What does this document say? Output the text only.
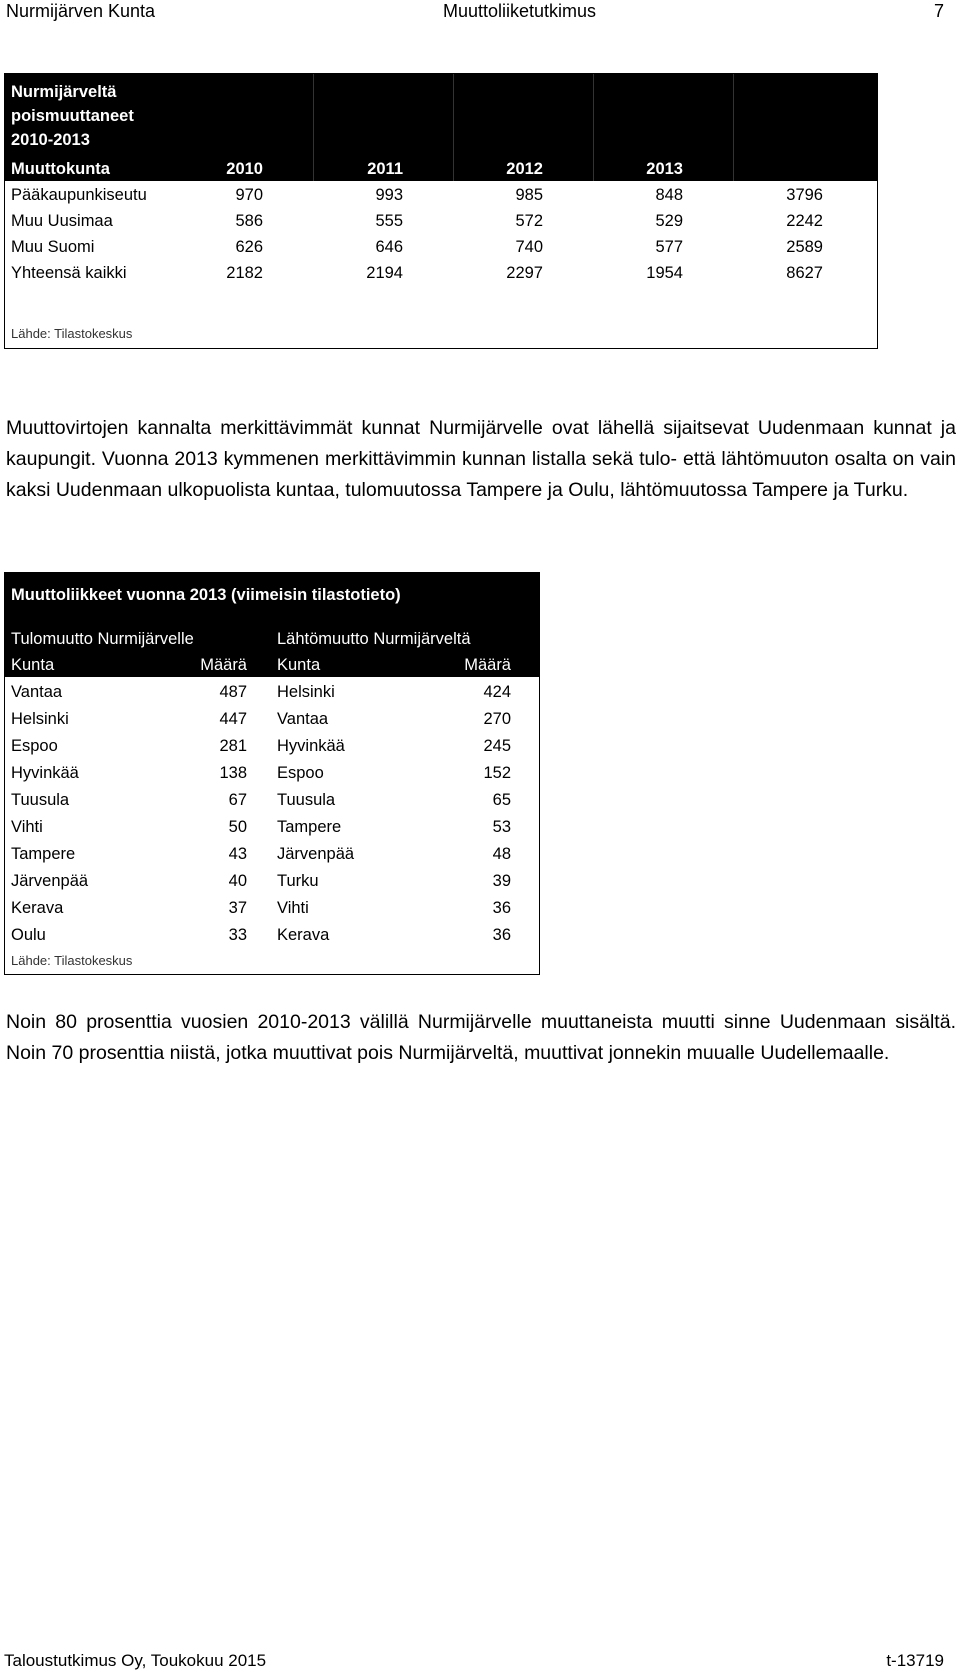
Nurmijärven Kunta	Muuttoliiketutkimus	7
Nurmijärveltä
poismuuttaneet
2010-2013
Muuttokunta	2010	2011	2012	2013
Pääkaupunkiseutu	970	993	985	848	3796
Muu Uusimaa	586	555	572	529	2242
Muu Suomi	626	646	740	577	2589
Yhteensä kaikki	2182	2194	2297	1954	8627
Lähde: Tilastokeskus
Muuttovirtojen kannalta merkittävimmät kunnat Nurmijärvelle ovat lähellä sijaitsevat Uudenmaan kunnat ja kaupungit. Vuonna 2013 kymmenen merkittävimmin kunnan listalla sekä tulo- että lähtömuuton osalta on vain kaksi Uudenmaan ulkopuolista kuntaa, tulomuutossa Tampere ja Oulu, lähtömuutossa Tampere ja Turku.
Muuttoliikkeet vuonna 2013 (viimeisin tilastotieto)
Tulomuutto Nurmijärvelle	Lähtömuutto Nurmijärveltä
Kunta	Määrä Kunta	Määrä
Vantaa	487 Helsinki	424
Helsinki	447 Vantaa	270
Espoo	281 Hyvinkää	245
Hyvinkää	138 Espoo	152
Tuusula	67 Tuusula	65
Vihti	50 Tampere	53
Tampere	43 Järvenpää	48
Järvenpää	40 Turku	39
Kerava	37 Vihti	36
Oulu	33 Kerava	36
Lähde: Tilastokeskus
Noin 80 prosenttia vuosien 2010-2013 välillä Nurmijärvelle muuttaneista muutti sinne Uudenmaan sisältä. Noin 70 prosenttia niistä, jotka muuttivat pois Nurmijärveltä, muuttivat jonnekin muualle Uudellemaalle.
Taloustutkimus Oy, Toukokuu 2015	t-13719
